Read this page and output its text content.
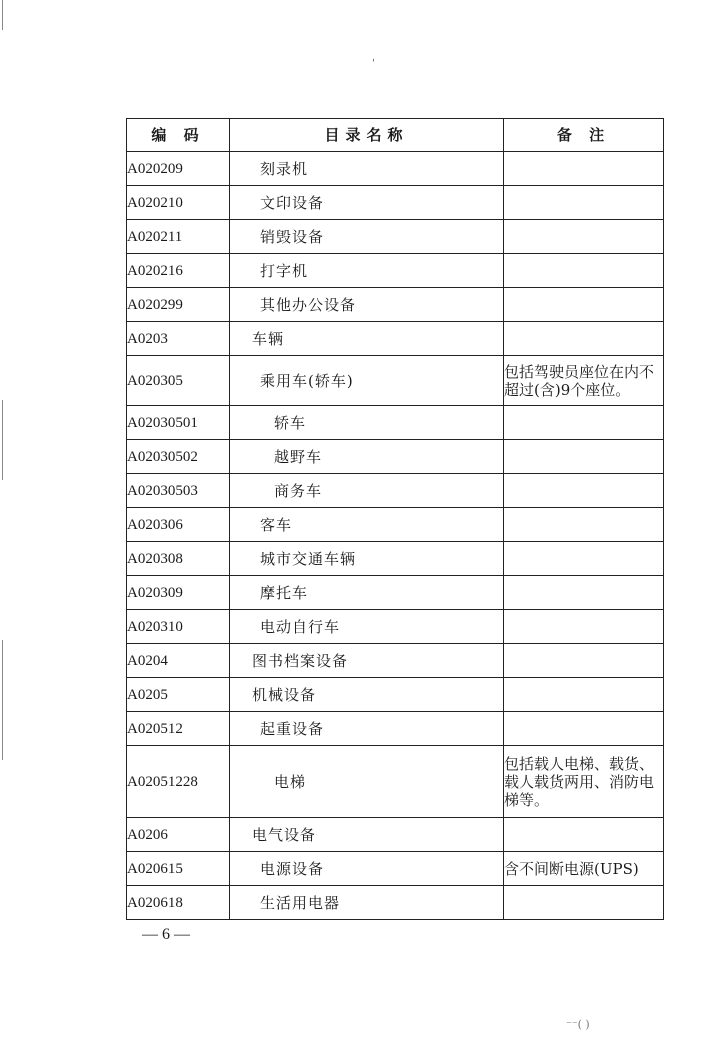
ˌ
编 码	目录名称	备 注
A020209	刻录机	
A020210	文印设备	
A020211	销毁设备	
A020216	打字机	
A020299	其他办公设备	
A0203	车辆	
A020305	乘用车(轿车)	包括驾驶员座位在内不超过(含)9个座位。
A02030501	轿车	
A02030502	越野车	
A02030503	商务车	
A020306	客车	
A020308	城市交通车辆	
A020309	摩托车	
A020310	电动自行车	
A0204	图书档案设备	
A0205	机械设备	
A020512	起重设备	
A02051228	电梯	包括载人电梯、载货、载人载货两用、消防电梯等。
A0206	电气设备	
A020615	电源设备	含不间断电源(UPS)
A020618	生活用电器	
— 6 —
⁻⁻( )
